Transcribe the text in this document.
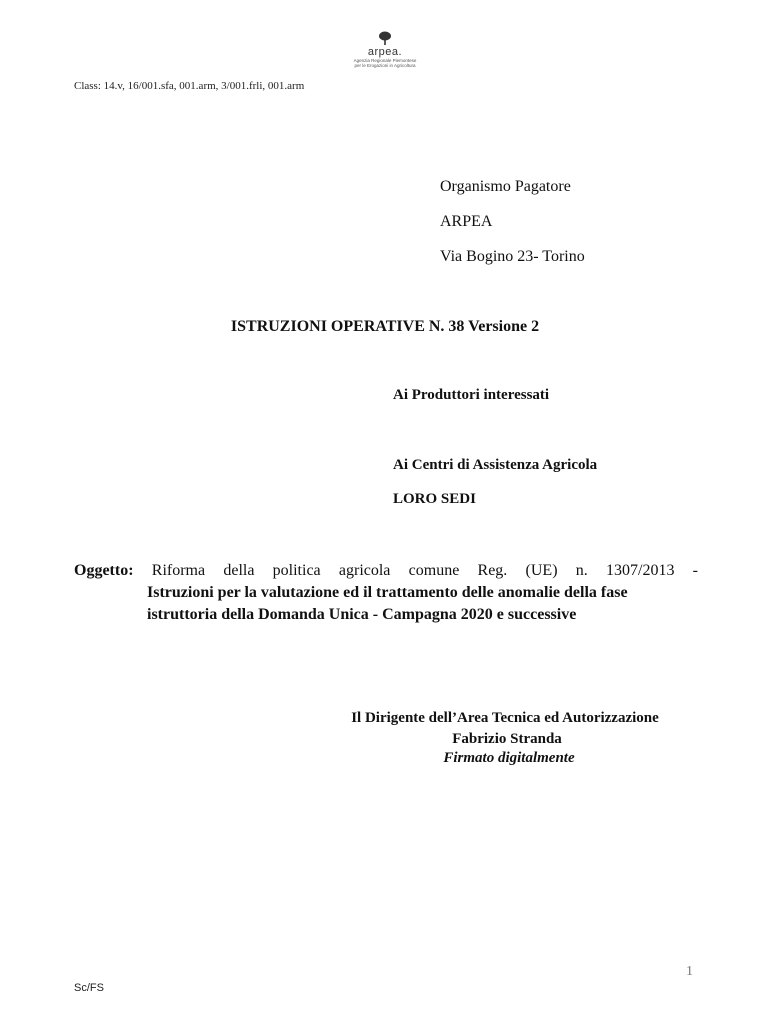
arpea.
Agenzia Regionale Piemontese
per le Erogazioni in Agricoltura
Class: 14.v, 16/001.sfa, 001.arm, 3/001.frli, 001.arm
Organismo Pagatore
ARPEA
Via Bogino 23- Torino
ISTRUZIONI OPERATIVE N. 38 Versione 2
Ai Produttori interessati
Ai Centri di Assistenza Agricola
LORO SEDI
Oggetto: Riforma della politica agricola comune Reg. (UE) n. 1307/2013 -
Istruzioni per la valutazione ed il trattamento delle anomalie della fase
istruttoria della Domanda Unica - Campagna 2020 e successive
Il Dirigente dell’Area Tecnica ed Autorizzazione
Fabrizio Stranda
Firmato digitalmente
1
Sc/FS
